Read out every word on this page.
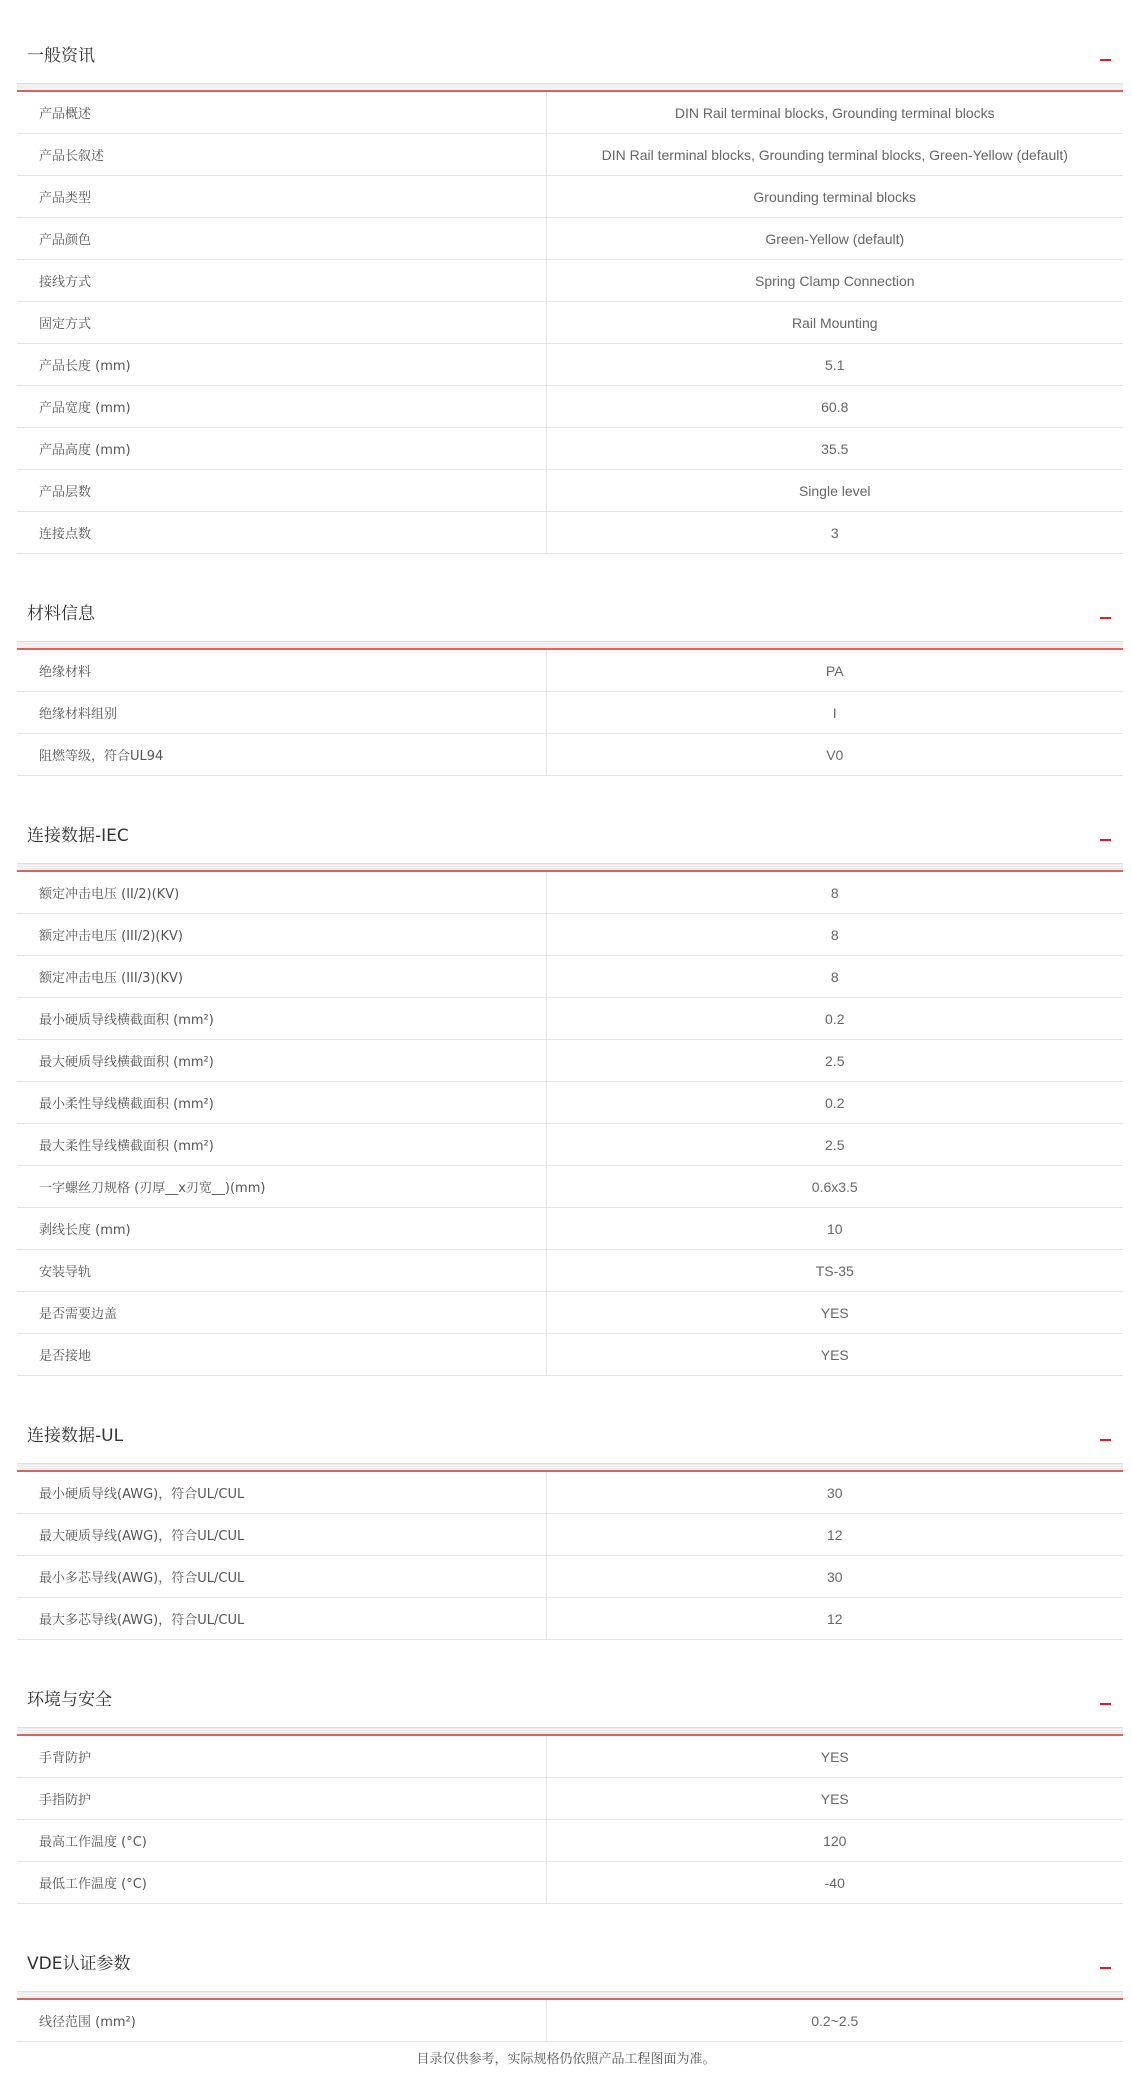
一般资讯
产品概述	DIN Rail terminal blocks, Grounding terminal blocks
产品长叙述	DIN Rail terminal blocks, Grounding terminal blocks, Green-Yellow (default)
产品类型	Grounding terminal blocks
产品颜色	Green-Yellow (default)
接线方式	Spring Clamp Connection
固定方式	Rail Mounting
产品长度 (mm)	5.1
产品宽度 (mm)	60.8
产品高度 (mm)	35.5
产品层数	Single level
连接点数	3
材料信息
绝缘材料	PA
绝缘材料组别	I
阻燃等级，符合UL94	V0
连接数据-IEC
额定冲击电压 (II/2)(KV)	8
额定冲击电压 (III/2)(KV)	8
额定冲击电压 (III/3)(KV)	8
最小硬质导线横截面积 (mm²)	0.2
最大硬质导线横截面积 (mm²)	2.5
最小柔性导线横截面积 (mm²)	0.2
最大柔性导线横截面积 (mm²)	2.5
一字螺丝刀规格 (刃厚__x刃宽__)(mm)	0.6x3.5
剥线长度 (mm)	10
安装导轨	TS-35
是否需要边盖	YES
是否接地	YES
连接数据-UL
最小硬质导线(AWG)，符合UL/CUL	30
最大硬质导线(AWG)，符合UL/CUL	12
最小多芯导线(AWG)，符合UL/CUL	30
最大多芯导线(AWG)，符合UL/CUL	12
环境与安全
手背防护	YES
手指防护	YES
最高工作温度 (°C)	120
最低工作温度 (°C)	-40
VDE认证参数
线径范围 (mm²)	0.2~2.5
目录仅供参考，实际规格仍依照产品工程图面为准。
